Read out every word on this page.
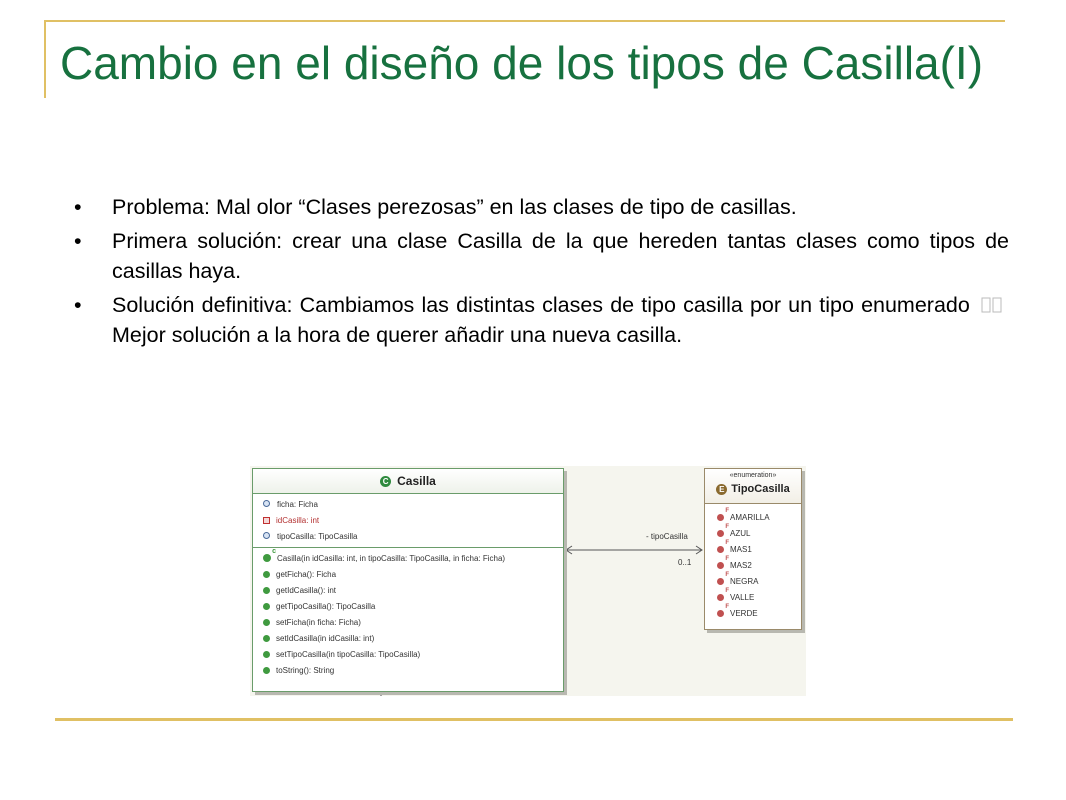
Cambio en el diseño de los tipos de Casilla(I)
•	Problema: Mal olor “Clases perezosas” en las clases de tipo de casillas.
•	Primera solución: crear una clase Casilla de la que hereden tantas clases como tipos de casillas haya.
•	Solución definitiva: Cambiamos las distintas clases de tipo casilla por un tipo enumerado  Mejor solución a la hora de querer añadir una nueva casilla.
- tipoCasilla
0..1
C Casilla
ficha: Ficha
idCasilla: int
tipoCasilla: TipoCasilla
c
Casilla(in idCasilla: int, in tipoCasilla: TipoCasilla, in ficha: Ficha)
getFicha(): Ficha
getIdCasilla(): int
getTipoCasilla(): TipoCasilla
setFicha(in ficha: Ficha)
setIdCasilla(in idCasilla: int)
setTipoCasilla(in tipoCasilla: TipoCasilla)
toString(): String
«enumeration»
E TipoCasilla
F
AMARILLA
F
AZUL
F
MAS1
F
MAS2
F
NEGRA
F
VALLE
F
VERDE
